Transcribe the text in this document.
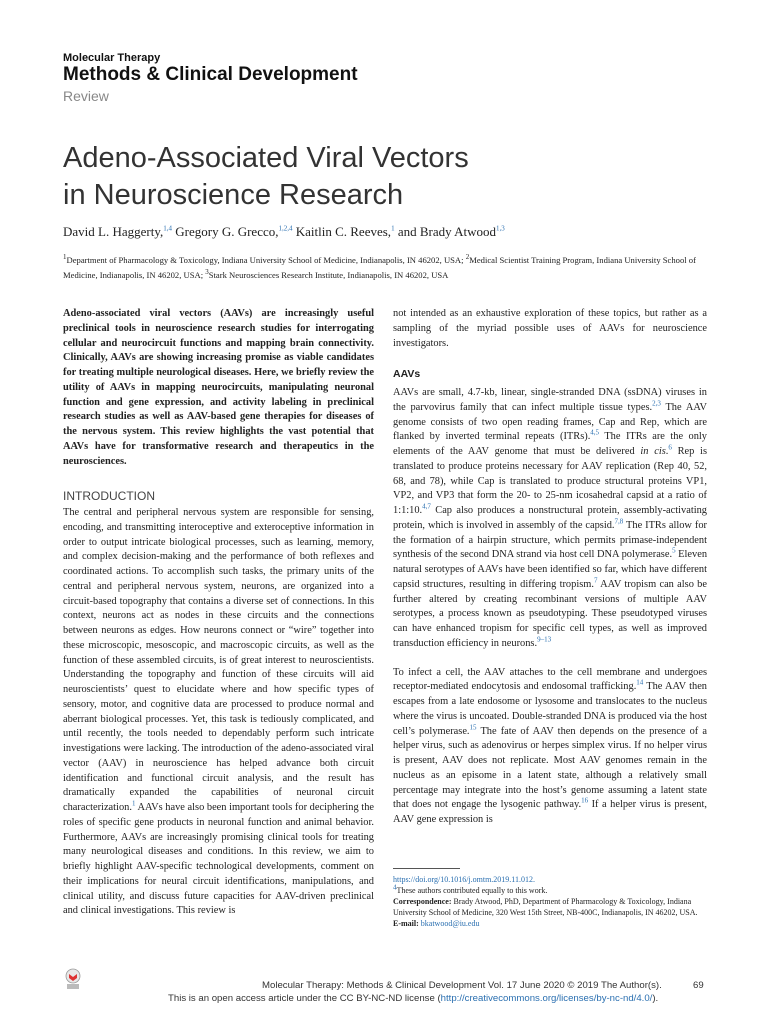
Molecular Therapy
Methods & Clinical Development
Review
Adeno-Associated Viral Vectors
in Neuroscience Research
David L. Haggerty,$^{1,4}$ Gregory G. Grecco,$^{1,2,4}$ Kaitlin C. Reeves,$^1$ and Brady Atwood$^{1,3}$
$^1$Department of Pharmacology & Toxicology, Indiana University School of Medicine, Indianapolis, IN 46202, USA; $^2$Medical Scientist Training Program, Indiana University School of Medicine, Indianapolis, IN 46202, USA; $^3$Stark Neurosciences Research Institute, Indianapolis, IN 46202, USA

Adeno-associated viral vectors (AAVs) are increasingly useful preclinical tools in neuroscience research studies for interrogating cellular and neurocircuit functions and mapping brain connectivity. Clinically, AAVs are showing increasing promise as viable candidates for treating multiple neurological diseases. Here, we briefly review the utility of AAVs in mapping neurocircuits, manipulating neuronal function and gene expression, and activity labeling in preclinical research studies as well as AAV-based gene therapies for diseases of the nervous system. This review highlights the vast potential that AAVs have for transformative research and therapeutics in the neurosciences.

INTRODUCTION

The central and peripheral nervous system are responsible for sensing, encoding, and transmitting interoceptive and exteroceptive information in order to output intricate biological processes, such as learning, memory, and complex decision-making and the performance of both reflexes and coordinated actions. To accomplish such tasks, the primary units of the central and peripheral nervous system, neurons, are organized into a circuit-based topography that contains a diverse set of connections. In this context, neurons act as nodes in these circuits and the connections between neurons as edges. How neurons connect or “wire” together into these microscopic, mesoscopic, and macroscopic circuits, as well as the function of these assembled circuits, is of great interest to neuroscientists. Understanding the topography and function of these circuits will aid neuroscientists’ quest to elucidate where and how specific types of sensory, motor, and cognitive data are processed to produce normal and aberrant biological processes. Yet, this task is tediously complicated, and until recently, the tools needed to dependably perform such intricate investigations were lacking. The introduction of the adeno-associated viral vector (AAV) in neuroscience has helped advance both circuit identification and functional circuit analysis, and the result has dramatically expanded the capabilities of neuronal circuit characterization.$^1$ AAVs have also been important tools for deciphering the roles of specific gene products in neuronal function and animal behavior. Furthermore, AAVs are increasingly promising clinical tools for treating many neurological diseases and conditions. In this review, we aim to briefly highlight AAV-specific technological developments, comment on their implications for neural circuit identifications, manipulations, and clinical utility, and discuss future capacities for AAV-driven preclinical and clinical investigations. This review is

not intended as an exhaustive exploration of these topics, but rather as a sampling of the myriad possible uses of AAVs for neuroscience investigators.

AAVs

AAVs are small, 4.7-kb, linear, single-stranded DNA (ssDNA) viruses in the parvovirus family that can infect multiple tissue types.$^{2,3}$ The AAV genome consists of two open reading frames, Cap and Rep, which are flanked by inverted terminal repeats (ITRs).$^{4,5}$ The ITRs are the only elements of the AAV genome that must be delivered in cis.$^6$ Rep is translated to produce proteins necessary for AAV replication (Rep 40, 52, 68, and 78), while Cap is translated to produce structural proteins VP1, VP2, and VP3 that form the 20- to 25-nm icosahedral capsid at a ratio of 1:1:10.$^{4,7}$ Cap also produces a nonstructural protein, assembly-activating protein, which is involved in assembly of the capsid.$^{7,8}$ The ITRs allow for the formation of a hairpin structure, which permits primase-independent synthesis of the second DNA strand via host cell DNA polymerase.$^5$ Eleven natural serotypes of AAVs have been identified so far, which have different capsid structures, resulting in differing tropism.$^7$ AAV tropism can also be further altered by creating recombinant versions of multiple AAV serotypes, a process known as pseudotyping. These pseudotyped viruses can have enhanced tropism for specific cell types, as well as improved transduction efficiency in neurons.$^{9-13}$

To infect a cell, the AAV attaches to the cell membrane and undergoes receptor-mediated endocytosis and endosomal trafficking.$^{14}$ The AAV then escapes from a late endosome or lysosome and translocates to the nucleus where the virus is uncoated. Double-stranded DNA is produced via the host cell’s polymerase.$^{15}$ The fate of AAV then depends on the presence of a helper virus, such as adenovirus or herpes simplex virus. If no helper virus is present, AAV does not replicate. Most AAV genomes remain in the nucleus as an episome in a latent state, although a relatively small percentage may integrate into the host’s genome assuming a latent state that does not engage the lysogenic pathway.$^{16}$ If a helper virus is present, AAV gene expression is

https://doi.org/10.1016/j.omtm.2019.11.012.

$^4$These authors contributed equally to this work.

Correspondence: Brady Atwood, PhD, Department of Pharmacology & Toxicology, Indiana University School of Medicine, 320 West 15th Street, NB-400C, Indianapolis, IN 46202, USA.

E-mail: bkatwood@iu.edu

Molecular Therapy: Methods & Clinical Development Vol. 17 June 2020 © 2019 The Author(s).	69
This is an open access article under the CC BY-NC-ND license (http://creativecommons.org/licenses/by-nc-nd/4.0/).
